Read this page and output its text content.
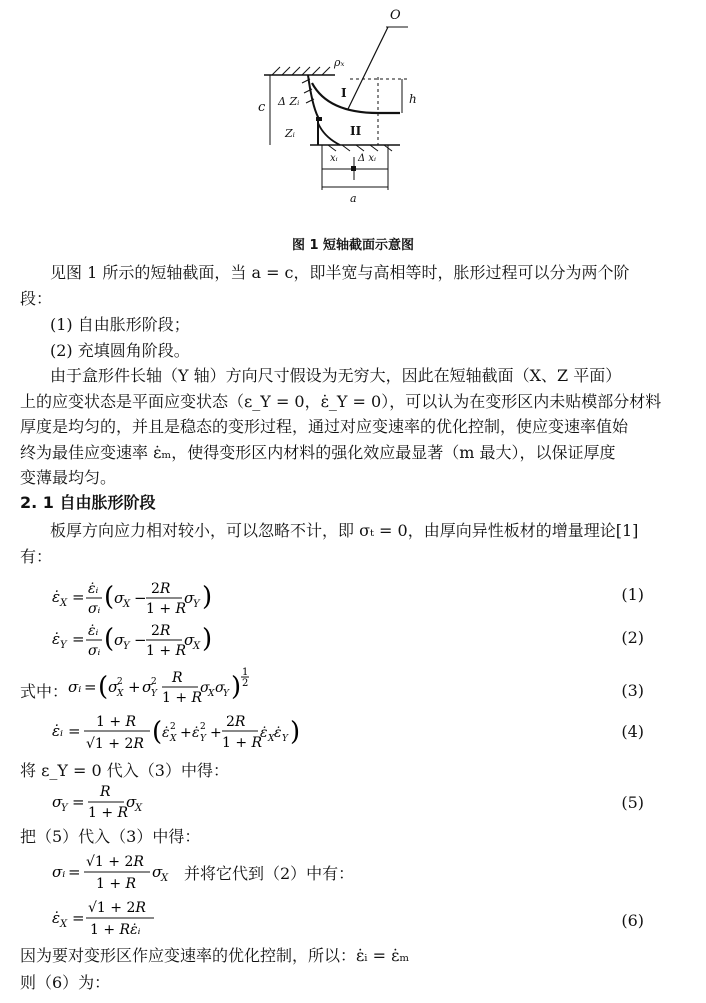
O
ρₓ
c
h
Δ Zᵢ
Zᵢ
I
II
xᵢ Δ xᵢ
a
图 1 短轴截面示意图
见图 1 所示的短轴截面，当 a = c，即半宽与高相等时，胀形过程可以分为两个阶
段：
(1) 自由胀形阶段；
(2) 充填圆角阶段。
由于盒形件长轴（Y 轴）方向尺寸假设为无穷大，因此在短轴截面（X、Z 平面）
上的应变状态是平面应变状态（ε_Y = 0，ε̇_Y = 0），可以认为在变形区内未贴模部分材料
厚度是均匀的，并且是稳态的变形过程，通过对应变速率的优化控制，使应变速率值始
终为最佳应变速率 ε̇ₘ，使得变形区内材料的强化效应最显著（m 最大），以保证厚度
变薄最均匀。
2. 1 自由胀形阶段
板厚方向应力相对较小，可以忽略不计，即 σₜ = 0，由厚向异性板材的增量理论[1]
有：
ε̇ X = ε̇ᵢ
σᵢ ( σ
X − 2R
1 + R
σ
Y )	(1)
ε̇ Y = ε̇ᵢ
σᵢ ( σ
Y − 2R
1 + R
σ
X )	(2)
式中： σᵢ = ( σ
2
X + σ
2
Y
R
1 + R
σ
X σ
Y ) 1
2	(3)
ε̇ᵢ = 1 + R
√1 + 2R ( ε̇ 2
X + ε̇ 2
Y +
2R
1 + R
ε̇ X ε̇ Y )	(4)
将 ε_Y = 0 代入（3）中得：
σ
Y =
R
1 + R
σ
X	(5)
把（5）代入（3）中得：
σᵢ =
√1 + 2R
1 + R
σ
X 并将它代到（2）中有：
ε̇ X =
√1 + 2R
1 + Rε̇ᵢ	(6)
因为要对变形区作应变速率的优化控制，所以：ε̇ᵢ = ε̇ₘ
则（6）为：
